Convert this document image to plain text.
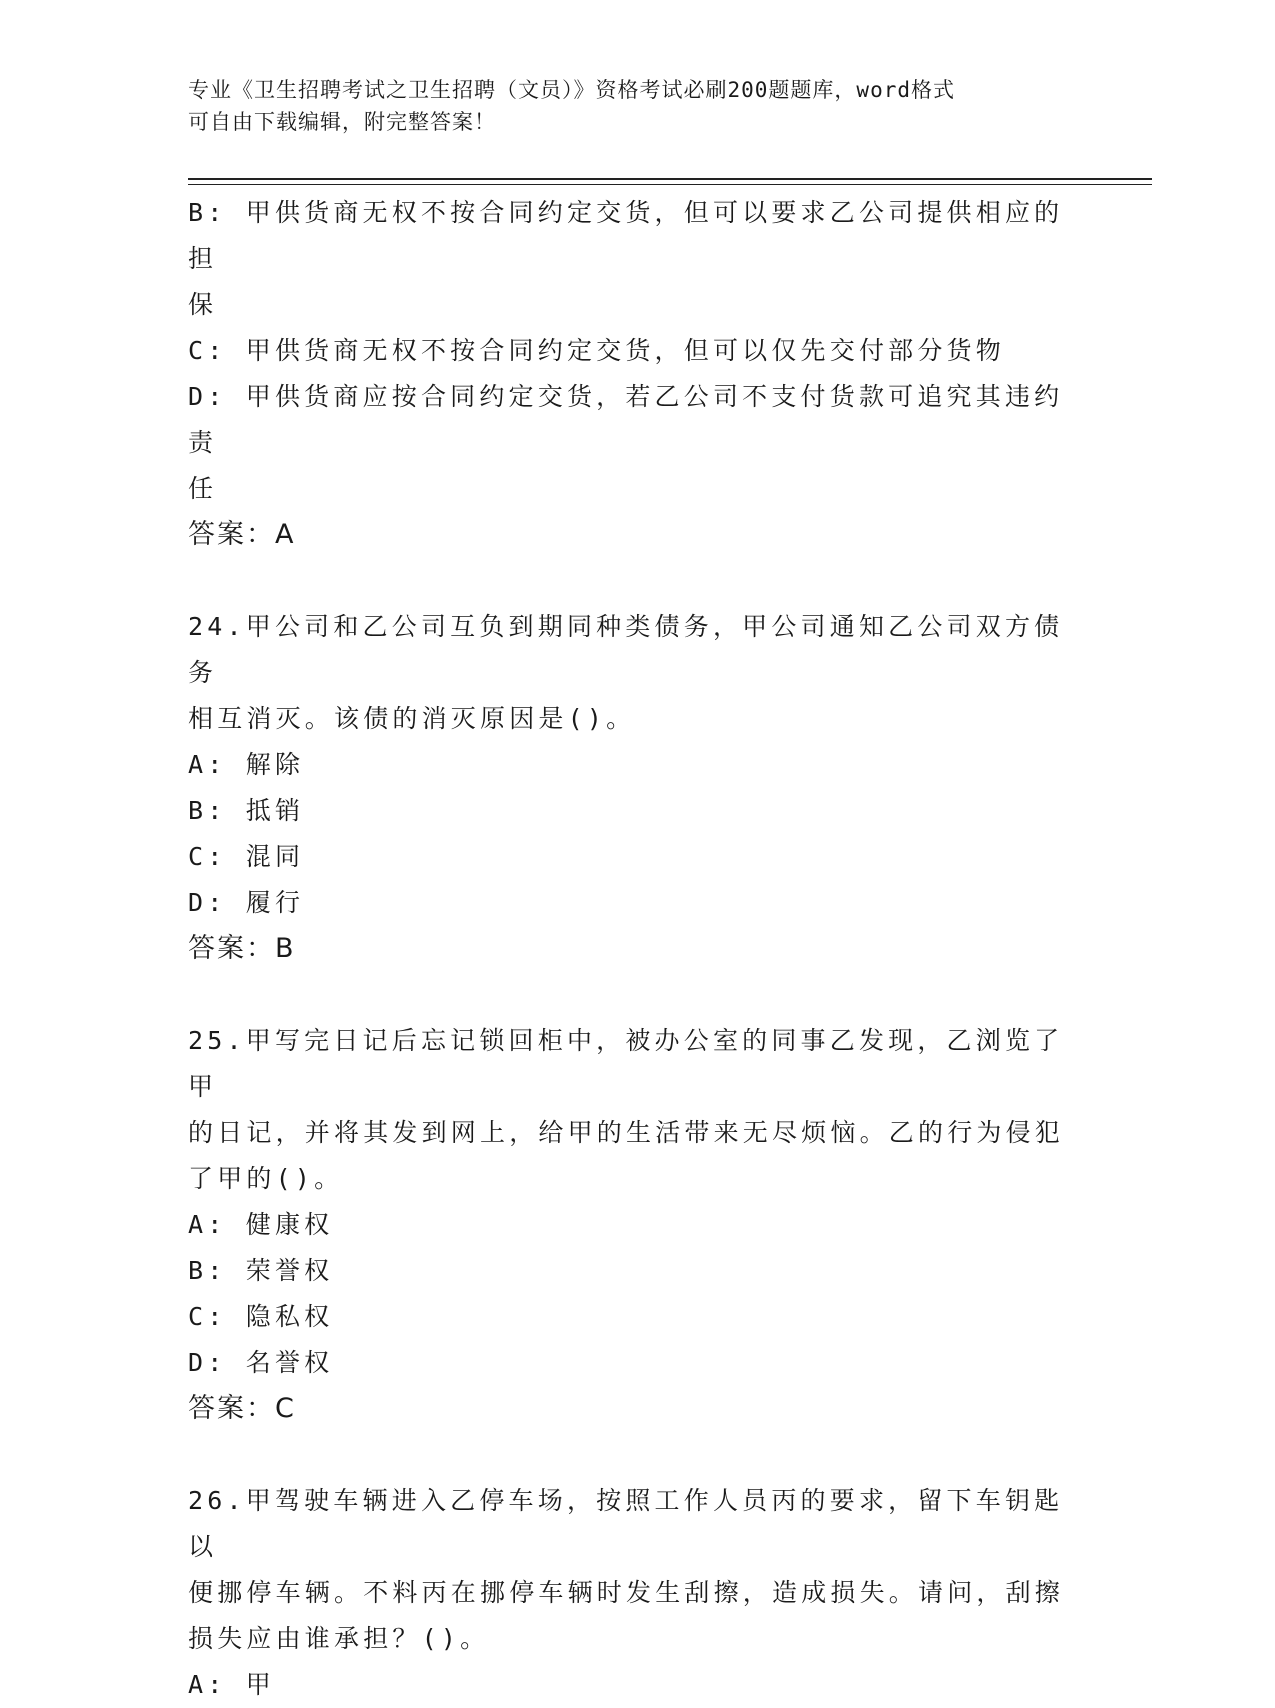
专业《卫生招聘考试之卫生招聘（文员）》资格考试必刷200题题库，word格式
可自由下载编辑，附完整答案！
B: 甲供货商无权不按合同约定交货，但可以要求乙公司提供相应的担
保
C: 甲供货商无权不按合同约定交货，但可以仅先交付部分货物
D: 甲供货商应按合同约定交货，若乙公司不支付货款可追究其违约责
任
答案：A
24.甲公司和乙公司互负到期同种类债务，甲公司通知乙公司双方债务
相互消灭。该债的消灭原因是()。
A: 解除
B: 抵销
C: 混同
D: 履行
答案：B
25.甲写完日记后忘记锁回柜中，被办公室的同事乙发现，乙浏览了甲
的日记，并将其发到网上，给甲的生活带来无尽烦恼。乙的行为侵犯
了甲的()。
A: 健康权
B: 荣誉权
C: 隐私权
D: 名誉权
答案：C
26.甲驾驶车辆进入乙停车场，按照工作人员丙的要求，留下车钥匙以
便挪停车辆。不料丙在挪停车辆时发生刮擦，造成损失。请问，刮擦
损失应由谁承担？()。
A: 甲
